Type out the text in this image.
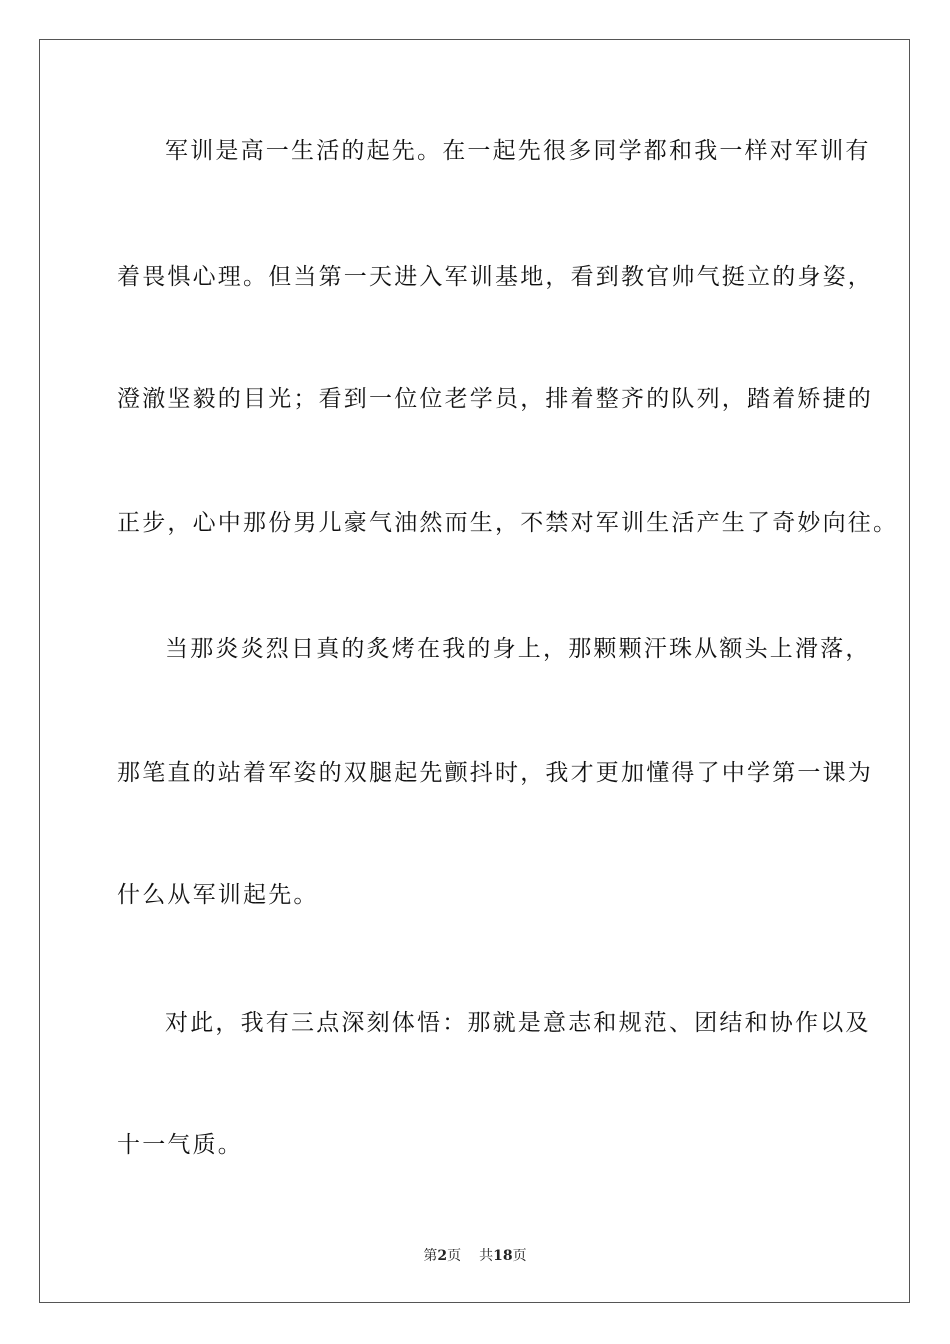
军训是高一生活的起先。在一起先很多同学都和我一样对军训有
着畏惧心理。但当第一天进入军训基地，看到教官帅气挺立的身姿，
澄澈坚毅的目光；看到一位位老学员，排着整齐的队列，踏着矫捷的
正步，心中那份男儿豪气油然而生，不禁对军训生活产生了奇妙向往。
当那炎炎烈日真的炙烤在我的身上，那颗颗汗珠从额头上滑落，
那笔直的站着军姿的双腿起先颤抖时，我才更加懂得了中学第一课为
什么从军训起先。
对此，我有三点深刻体悟：那就是意志和规范、团结和协作以及
十一气质。
第2页 共18页
